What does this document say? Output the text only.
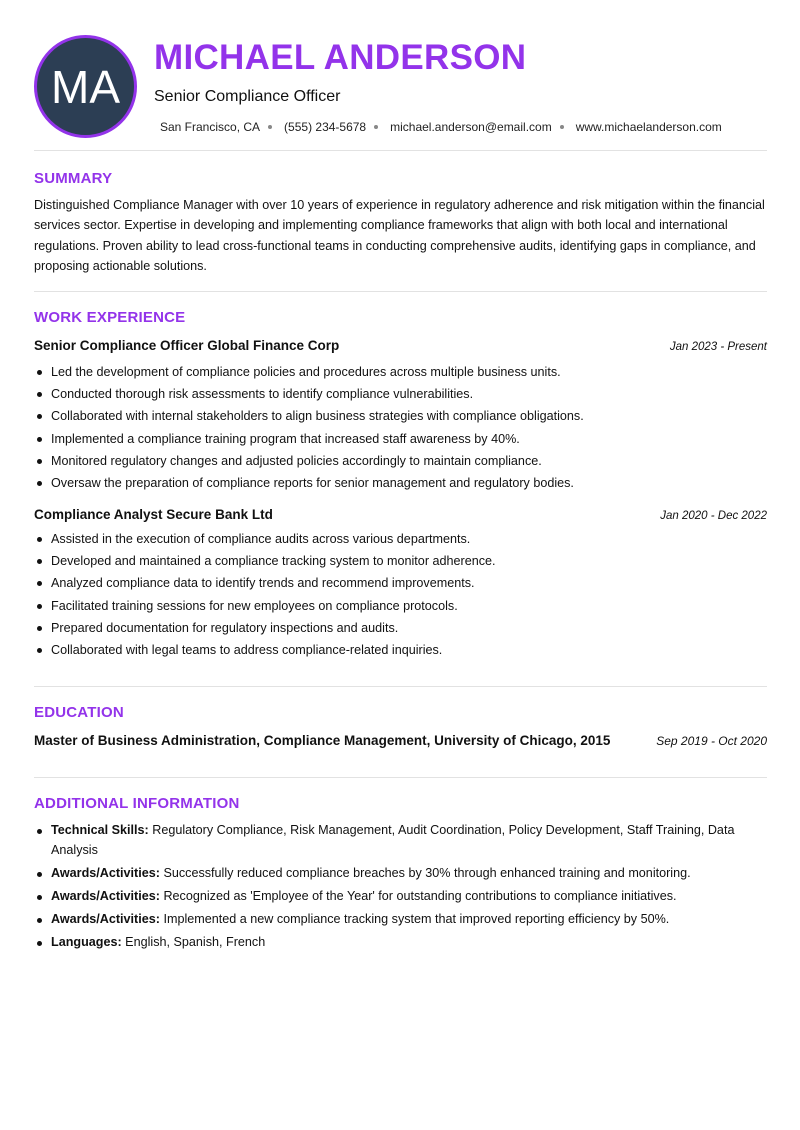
MA
MICHAEL ANDERSON
Senior Compliance Officer
San Francisco, CA (555) 234-5678 michael.anderson@email.com www.michaelanderson.com
SUMMARY
Distinguished Compliance Manager with over 10 years of experience in regulatory adherence and risk mitigation within the financial services sector. Expertise in developing and implementing compliance frameworks that align with both local and international regulations. Proven ability to lead cross-functional teams in conducting comprehensive audits, identifying gaps in compliance, and proposing actionable solutions.
WORK EXPERIENCE
Senior Compliance Officer Global Finance Corp	Jan 2023 - Present
Led the development of compliance policies and procedures across multiple business units.
Conducted thorough risk assessments to identify compliance vulnerabilities.
Collaborated with internal stakeholders to align business strategies with compliance obligations.
Implemented a compliance training program that increased staff awareness by 40%.
Monitored regulatory changes and adjusted policies accordingly to maintain compliance.
Oversaw the preparation of compliance reports for senior management and regulatory bodies.
Compliance Analyst Secure Bank Ltd	Jan 2020 - Dec 2022
Assisted in the execution of compliance audits across various departments.
Developed and maintained a compliance tracking system to monitor adherence.
Analyzed compliance data to identify trends and recommend improvements.
Facilitated training sessions for new employees on compliance protocols.
Prepared documentation for regulatory inspections and audits.
Collaborated with legal teams to address compliance-related inquiries.
EDUCATION
Master of Business Administration, Compliance Management, University of Chicago, 2015	Sep 2019 - Oct 2020
ADDITIONAL INFORMATION
Technical Skills: Regulatory Compliance, Risk Management, Audit Coordination, Policy Development, Staff Training, Data Analysis
Awards/Activities: Successfully reduced compliance breaches by 30% through enhanced training and monitoring.
Awards/Activities: Recognized as 'Employee of the Year' for outstanding contributions to compliance initiatives.
Awards/Activities: Implemented a new compliance tracking system that improved reporting efficiency by 50%.
Languages: English, Spanish, French
